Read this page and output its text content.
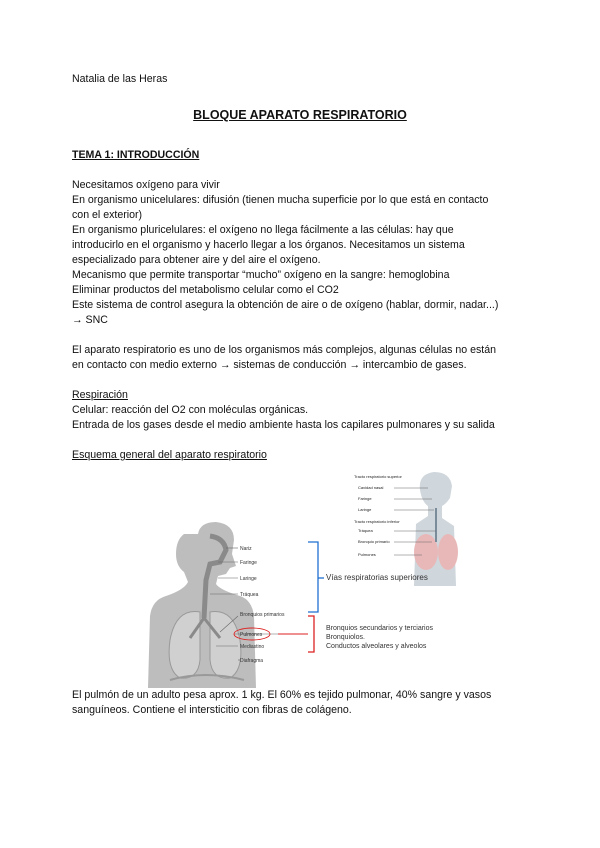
Natalia de las Heras
BLOQUE APARATO RESPIRATORIO
TEMA 1: INTRODUCCIÓN
Necesitamos oxígeno para vivir
En organismo unicelulares: difusión (tienen mucha superficie por lo que está en contacto
con el exterior)
En organismo pluricelulares: el oxígeno no llega fácilmente a las células: hay que
introducirlo en el organismo y hacerlo llegar a los órganos. Necesitamos un sistema
especializado para obtener aire y del aire el oxígeno.
Mecanismo que permite transportar “mucho” oxígeno en la sangre: hemoglobina
Eliminar productos del metabolismo celular como el CO2
Este sistema de control asegura la obtención de aire o de oxígeno (hablar, dormir, nadar...)
→ SNC
El aparato respiratorio es uno de los organismos más complejos, algunas células no están
en contacto con medio externo → sistemas de conducción → intercambio de gases.
Respiración
Celular: reacción del O2 con moléculas orgánicas.
Entrada de los gases desde el medio ambiente hasta los capilares pulmonares y su salida
Esquema general del aparato respiratorio
Tracto respiratorio superior
Cavidad nasal
Faringe
Laringe
Tracto respiratorio inferior
Tráquea
Bronquio primario
Pulmones
Nariz
Faringe
Laringe
Tráquea
Bronquios primarios
Pulmones
Mediastino
Diafragma
Vías respiratorias superiores
Bronquios secundarios y terciarios
Bronquiolos.
Conductos alveolares y alveolos
El pulmón de un adulto pesa aprox. 1 kg. El 60% es tejido pulmonar, 40% sangre y vasos
sanguíneos. Contiene el intersticitio con fibras de colágeno.
